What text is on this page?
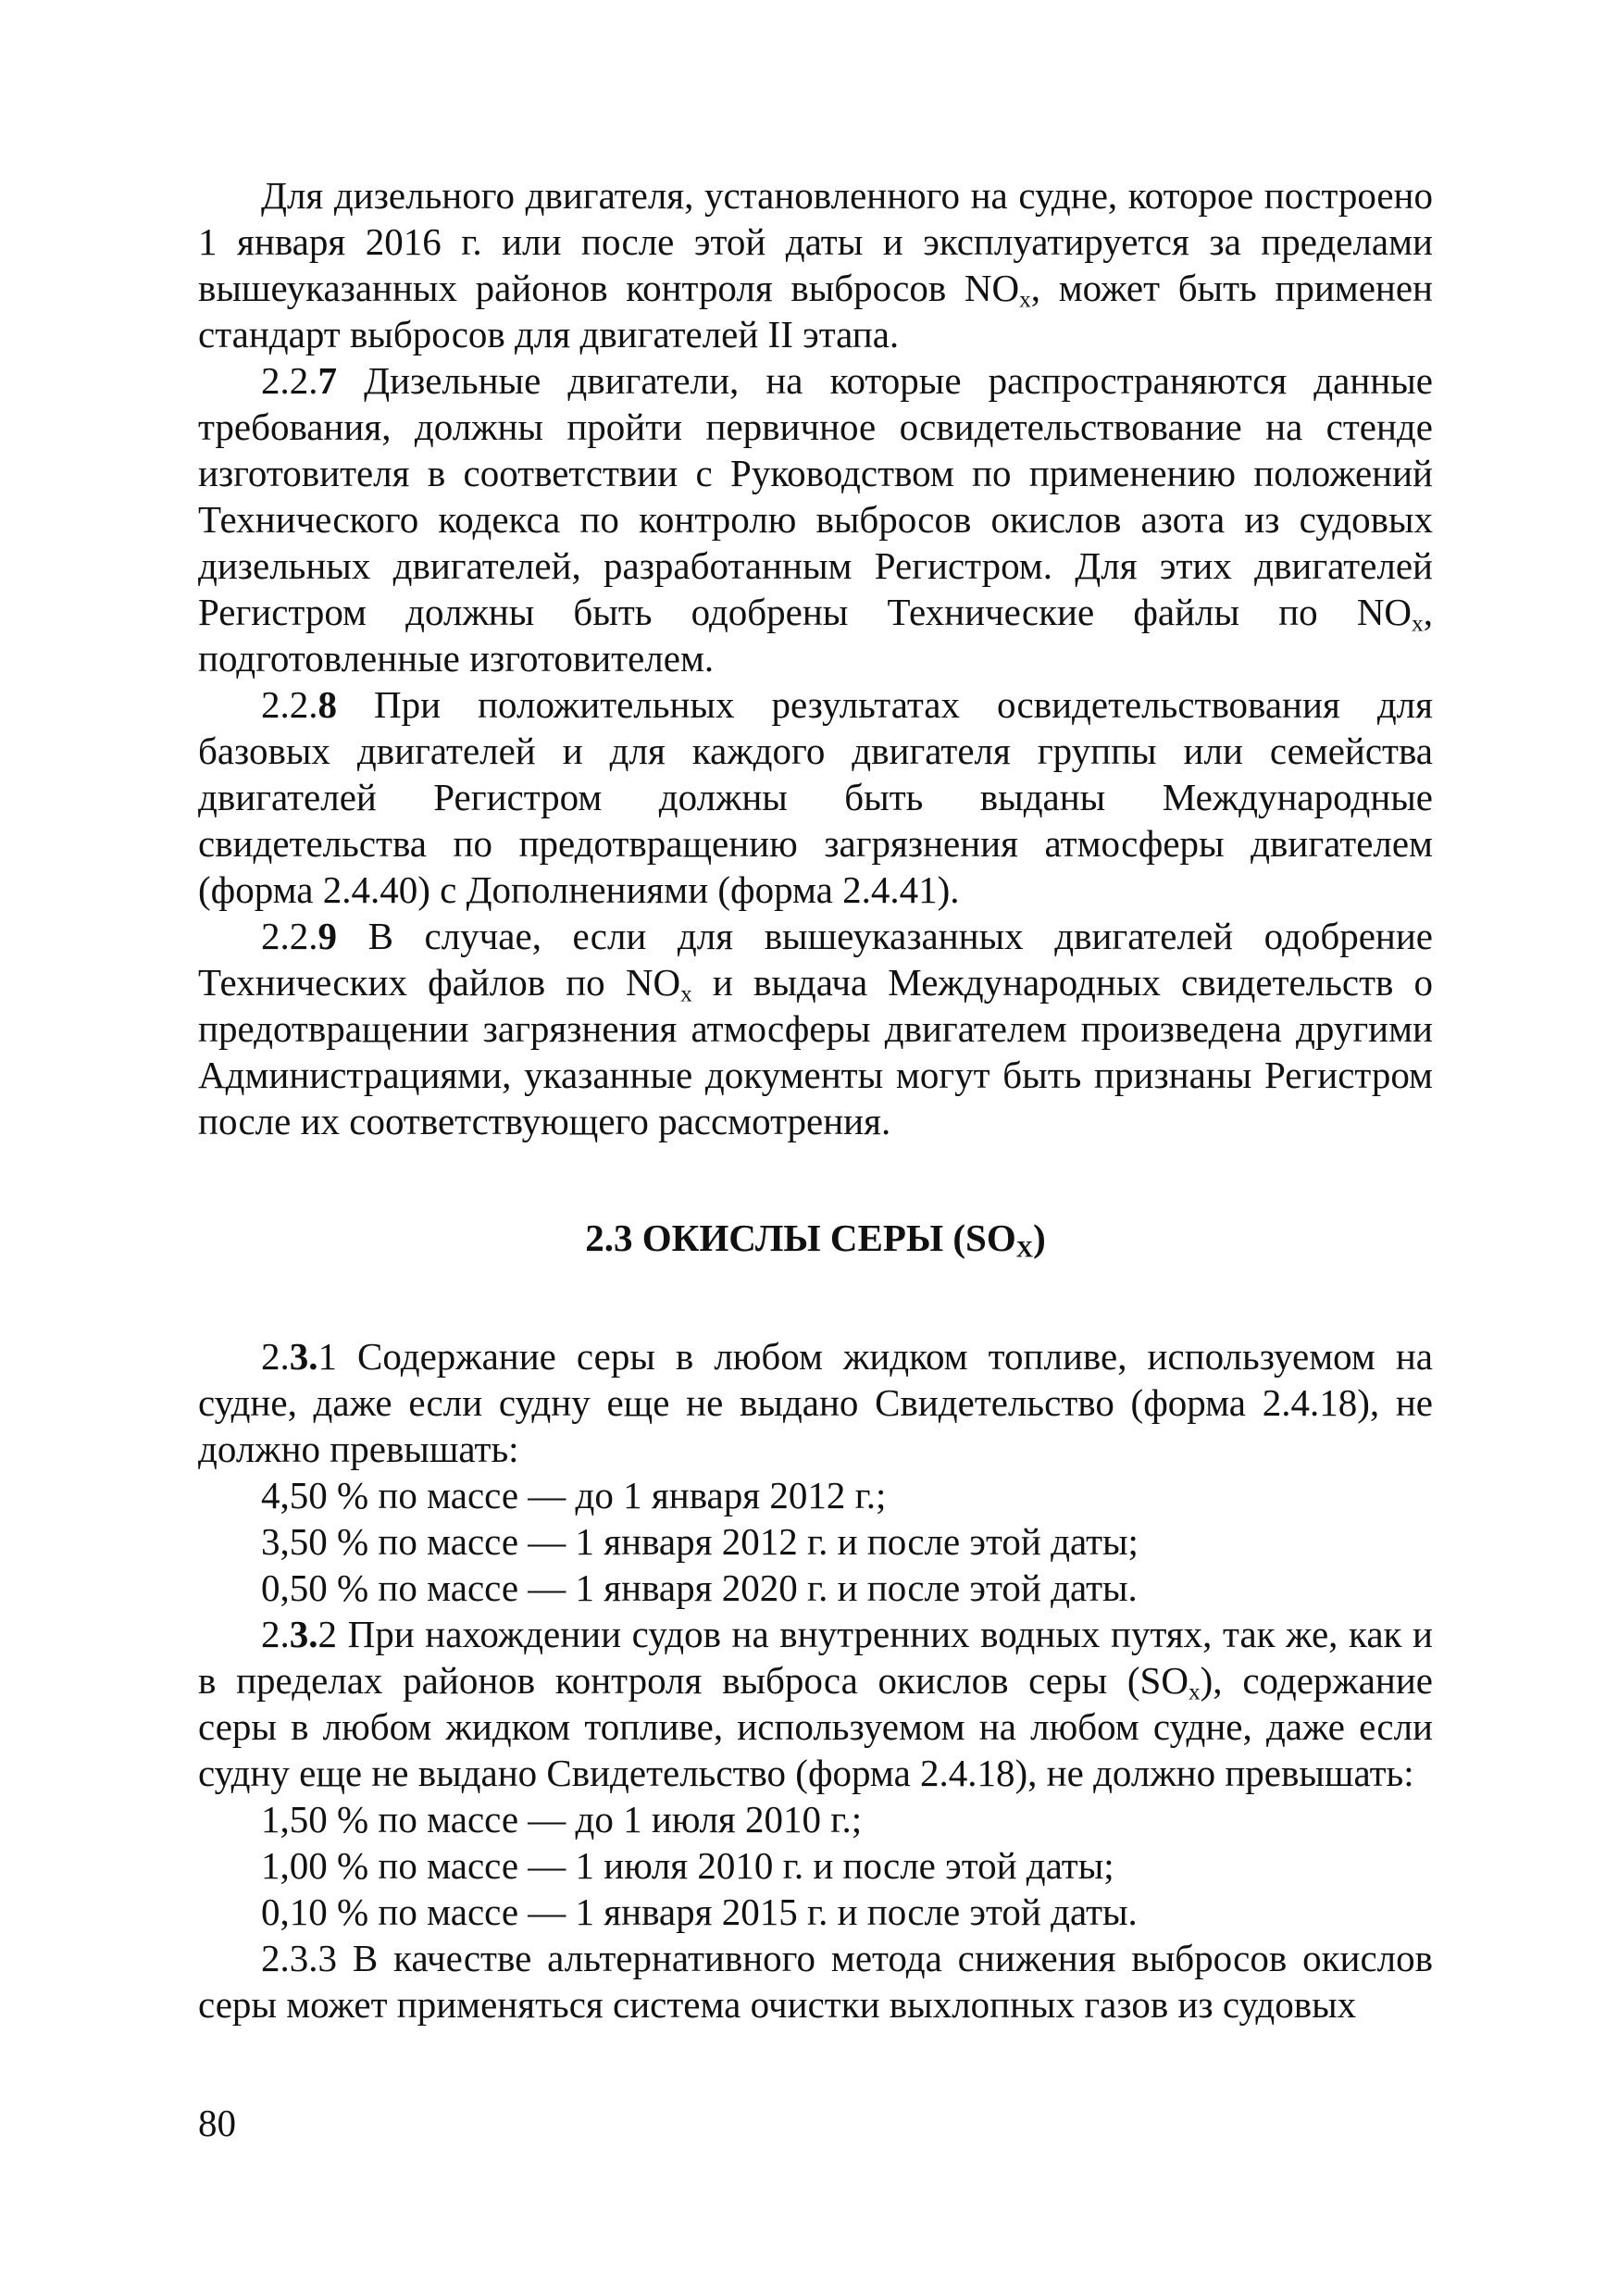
Для дизельного двигателя, установленного на судне, которое построено 1 января 2016 г. или после этой даты и эксплуатируется за пределами вышеуказанных районов контроля выбросов $NO_x$, может быть применен стандарт выбросов для двигателей II этапа.

2.2.7 Дизельные двигатели, на которые распространяются данные требования, должны пройти первичное освидетельствование на стенде изготовителя в соответствии с Руководством по применению положений Технического кодекса по контролю выбросов окислов азота из судовых дизельных двигателей, разработанным Регистром. Для этих двигателей Регистром должны быть одобрены Технические файлы по $NO_x$, подготовленные изготовителем.

2.2.8 При положительных результатах освидетельствования для базовых двигателей и для каждого двигателя группы или семейства двигателей Регистром должны быть выданы Международные свидетельства по предотвращению загрязнения атмосферы двигателем (форма 2.4.40) с Дополнениями (форма 2.4.41).

2.2.9 В случае, если для вышеуказанных двигателей одобрение Технических файлов по $NO_x$ и выдача Международных свидетельств о предотвращении загрязнения атмосферы двигателем произведена другими Администрациями, указанные документы могут быть признаны Регистром после их соответствующего рассмотрения.

2.3 ОКИСЛЫ СЕРЫ $(SO_X)$

2.3.1 Содержание серы в любом жидком топливе, используемом на судне, даже если судну еще не выдано Свидетельство (форма 2.4.18), не должно превышать:

4,50 % по массе — до 1 января 2012 г.;

3,50 % по массе — 1 января 2012 г. и после этой даты;

0,50 % по массе — 1 января 2020 г. и после этой даты.

2.3.2 При нахождении судов на внутренних водных путях, так же, как и в пределах районов контроля выброса окислов серы $(SO_x)$, содержание серы в любом жидком топливе, используемом на любом судне, даже если судну еще не выдано Свидетельство (форма 2.4.18), не должно превышать:

1,50 % по массе — до 1 июля 2010 г.;

1,00 % по массе — 1 июля 2010 г. и после этой даты;

0,10 % по массе — 1 января 2015 г. и после этой даты.

2.3.3 В качестве альтернативного метода снижения выбросов окислов серы может применяться система очистки выхлопных газов из судовых

80
